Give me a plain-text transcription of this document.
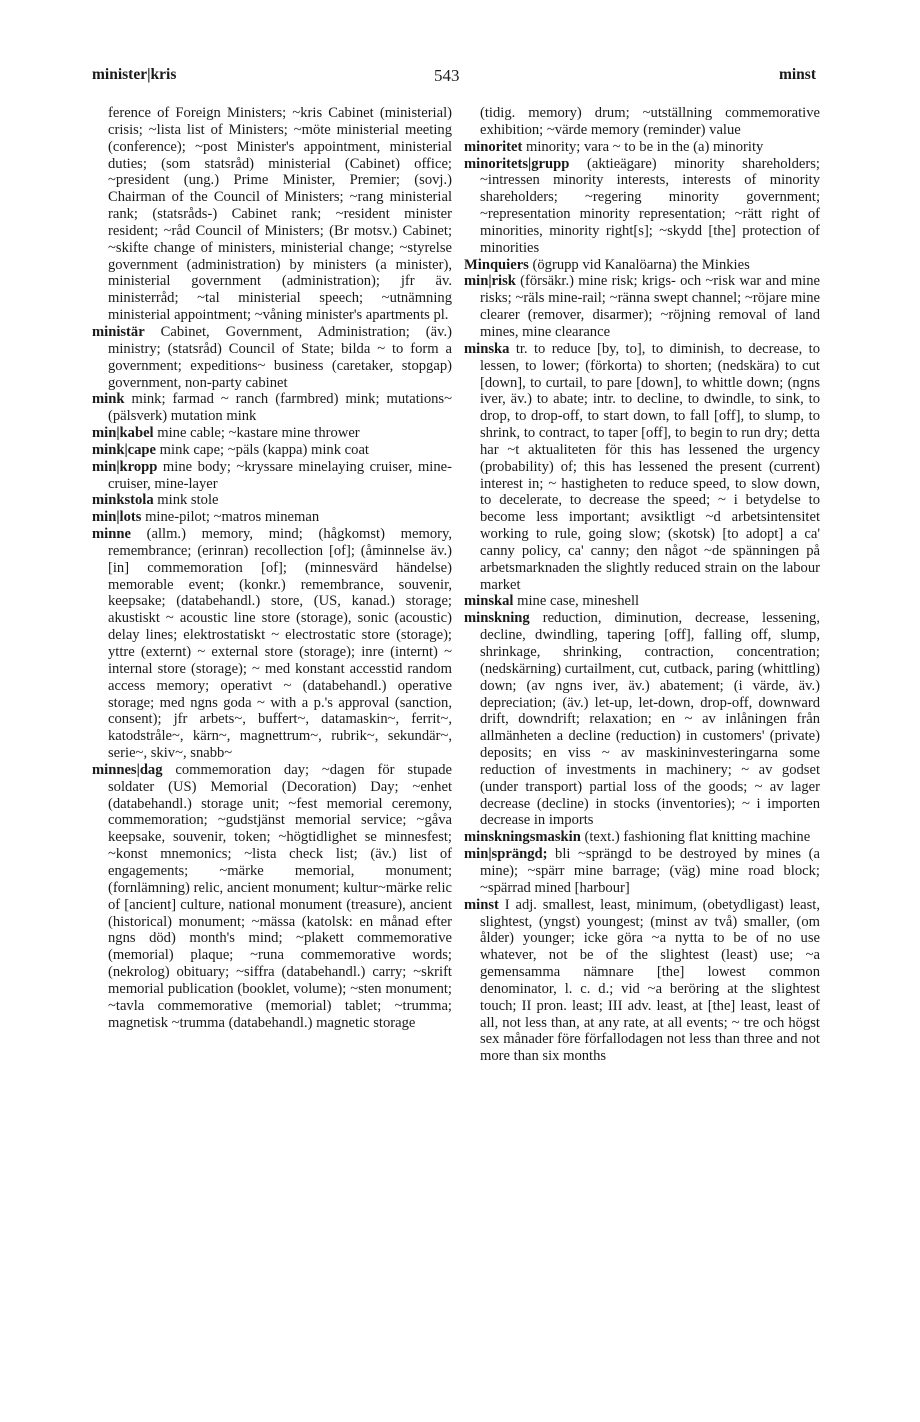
minister|kris	543	minst

ference of Foreign Ministers; ~kris Cabinet (ministerial) crisis; ~lista list of Ministers; ~möte ministerial meeting (conference); ~post Minister's appointment, ministerial duties; (som statsråd) ministerial (Cabinet) office; ~president (ung.) Prime Minister, Premier; (sovj.) Chairman of the Council of Ministers; ~rang ministerial rank; (statsråds-) Cabinet rank; ~resident minister resident; ~råd Council of Ministers; (Br motsv.) Cabinet; ~skifte change of ministers, ministerial change; ~styrelse government (administration) by ministers (a minister), ministerial government (administration); jfr äv. ministerråd; ~tal ministerial speech; ~utnämning ministerial appointment; ~våning minister's apartments pl.

ministär Cabinet, Government, Administration; (äv.) ministry; (statsråd) Council of State; bilda ~ to form a government; expeditions~ business (caretaker, stopgap) government, non-party cabinet

mink mink; farmad ~ ranch (farmbred) mink; mutations~ (pälsverk) mutation mink

min|kabel mine cable; ~kastare mine thrower

mink|cape mink cape; ~päls (kappa) mink coat

min|kropp mine body; ~kryssare minelaying cruiser, mine-cruiser, mine-layer

minkstola mink stole

min|lots mine-pilot; ~matros mineman

minne (allm.) memory, mind; (hågkomst) memory, remembrance; (erinran) recollection [of]; (åminnelse äv.) [in] commemoration [of]; (minnesvärd händelse) memorable event; (konkr.) remembrance, souvenir, keepsake; (databehandl.) store, (US, kanad.) storage; akustiskt ~ acoustic line store (storage), sonic (acoustic) delay lines; elektrostatiskt ~ electrostatic store (storage); yttre (externt) ~ external store (storage); inre (internt) ~ internal store (storage); ~ med konstant accesstid random access memory; operativt ~ (databehandl.) operative storage; med ngns goda ~ with a p.'s approval (sanction, consent); jfr arbets~, buffert~, datamaskin~, ferrit~, katodstråle~, kärn~, magnettrum~, rubrik~, sekundär~, serie~, skiv~, snabb~

minnes|dag commemoration day; ~dagen för stupade soldater (US) Memorial (Decoration) Day; ~enhet (databehandl.) storage unit; ~fest memorial ceremony, commemoration; ~gudstjänst memorial service; ~gåva keepsake, souvenir, token; ~högtidlighet se minnesfest; ~konst mnemonics; ~lista check list; (äv.) list of engagements; ~märke memorial, monument; (fornlämning) relic, ancient monument; kultur~märke relic of [ancient] culture, national monument (treasure), ancient (historical) monument; ~mässa (katolsk: en månad efter ngns död) month's mind; ~plakett commemorative (memorial) plaque; ~runa commemorative words; (nekrolog) obituary; ~siffra (databehandl.) carry; ~skrift memorial publication (booklet, volume); ~sten monument; ~tavla commemorative (memorial) tablet; ~trumma; magnetisk ~trumma (databehandl.) magnetic storage

(tidig. memory) drum; ~utställning commemorative exhibition; ~värde memory (reminder) value

minoritet minority; vara ~ to be in the (a) minority

minoritets|grupp (aktieägare) minority shareholders; ~intressen minority interests, interests of minority shareholders; ~regering minority government; ~representation minority representation; ~rätt right of minorities, minority right[s]; ~skydd [the] protection of minorities

Minquiers (ögrupp vid Kanalöarna) the Minkies

min|risk (försäkr.) mine risk; krigs- och ~risk war and mine risks; ~räls mine-rail; ~ränna swept channel; ~röjare mine clearer (remover, disarmer); ~röjning removal of land mines, mine clearance

minska tr. to reduce [by, to], to diminish, to decrease, to lessen, to lower; (förkorta) to shorten; (nedskära) to cut [down], to curtail, to pare [down], to whittle down; (ngns iver, äv.) to abate; intr. to decline, to dwindle, to sink, to drop, to drop-off, to start down, to fall [off], to slump, to shrink, to contract, to taper [off], to begin to run dry; detta har ~t aktualiteten för this has lessened the urgency (probability) of; this has lessened the present (current) interest in; ~ hastigheten to reduce speed, to slow down, to decelerate, to decrease the speed; ~ i betydelse to become less important; avsiktligt ~d arbetsintensitet working to rule, going slow; (skotsk) [to adopt] a ca' canny policy, ca' canny; den något ~de spänningen på arbetsmarknaden the slightly reduced strain on the labour market

minskal mine case, mineshell

minskning reduction, diminution, decrease, lessening, decline, dwindling, tapering [off], falling off, slump, shrinkage, shrinking, contraction, concentration; (nedskärning) curtailment, cut, cutback, paring (whittling) down; (av ngns iver, äv.) abatement; (i värde, äv.) depreciation; (äv.) let-up, let-down, drop-off, downward drift, downdrift; relaxation; en ~ av inlåningen från allmänheten a decline (reduction) in customers' (private) deposits; en viss ~ av maskininvesteringarna some reduction of investments in machinery; ~ av godset (under transport) partial loss of the goods; ~ av lager decrease (decline) in stocks (inventories); ~ i importen decrease in imports

minskningsmaskin (text.) fashioning flat knitting machine

min|sprängd; bli ~sprängd to be destroyed by mines (a mine); ~spärr mine barrage; (väg) mine road block; ~spärrad mined [harbour]

minst I adj. smallest, least, minimum, (obetydligast) least, slightest, (yngst) youngest; (minst av två) smaller, (om ålder) younger; icke göra ~a nytta to be of no use whatever, not be of the slightest (least) use; ~a gemensamma nämnare [the] lowest common denominator, l. c. d.; vid ~a beröring at the slightest touch; II pron. least; III adv. least, at [the] least, least of all, not less than, at any rate, at all events; ~ tre och högst sex månader före förfallodagen not less than three and not more than six months
